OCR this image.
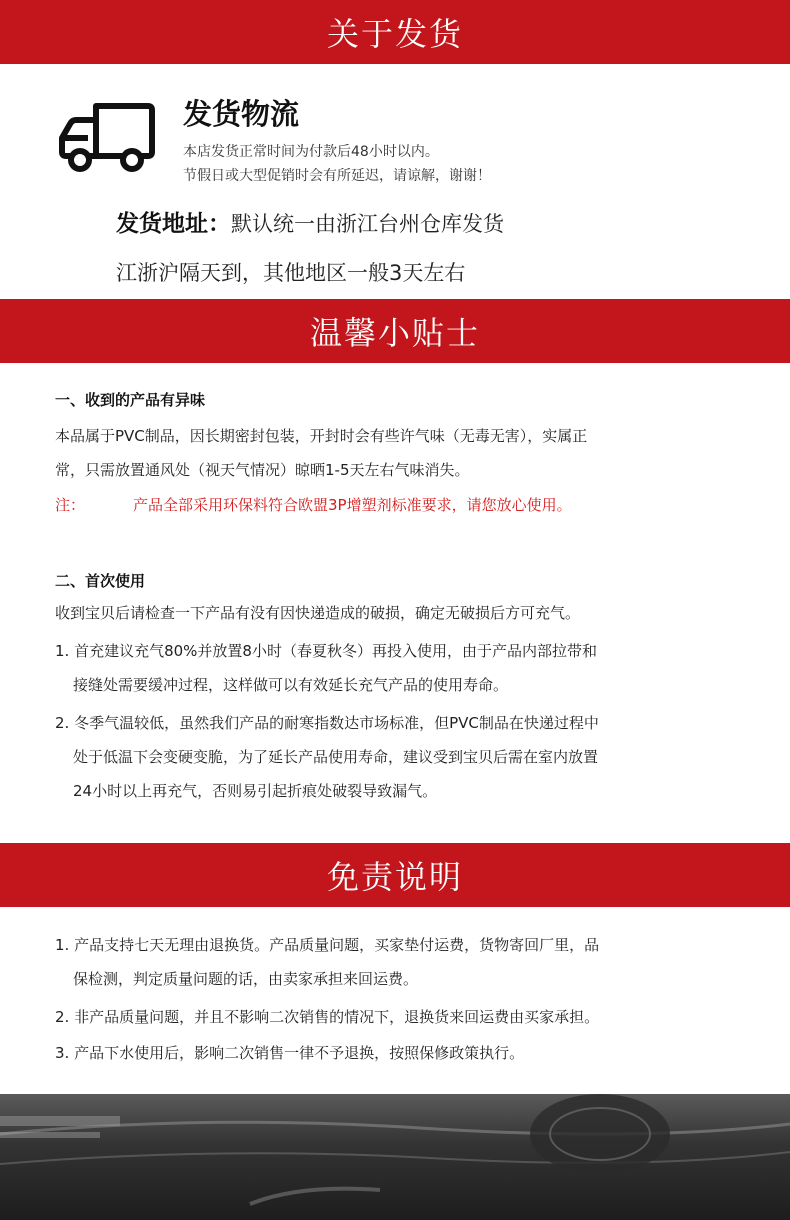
关于发货
发货物流
本店发货正常时间为付款后48小时以内。
节假日或大型促销时会有所延迟，请谅解，谢谢！
发货地址：默认统一由浙江台州仓库发货
江浙沪隔天到，其他地区一般3天左右
温馨小贴士
一、收到的产品有异味
本品属于PVC制品，因长期密封包装，开封时会有些许气味（无毒无害），实属正
常，只需放置通风处（视天气情况）晾晒1-5天左右气味消失。
注：	产品全部采用环保料符合欧盟3P增塑剂标准要求，请您放心使用。
二、首次使用
收到宝贝后请检查一下产品有没有因快递造成的破损，确定无破损后方可充气。
1. 首充建议充气80%并放置8小时（春夏秋冬）再投入使用，由于产品内部拉带和
接缝处需要缓冲过程，这样做可以有效延长充气产品的使用寿命。
2. 冬季气温较低，虽然我们产品的耐寒指数达市场标准，但PVC制品在快递过程中
处于低温下会变硬变脆，为了延长产品使用寿命，建议受到宝贝后需在室内放置
24小时以上再充气，否则易引起折痕处破裂导致漏气。
免责说明
1. 产品支持七天无理由退换货。产品质量问题，买家垫付运费，货物寄回厂里，品
保检测，判定质量问题的话，由卖家承担来回运费。
2. 非产品质量问题，并且不影响二次销售的情况下，退换货来回运费由买家承担。
3. 产品下水使用后，影响二次销售一律不予退换，按照保修政策执行。
